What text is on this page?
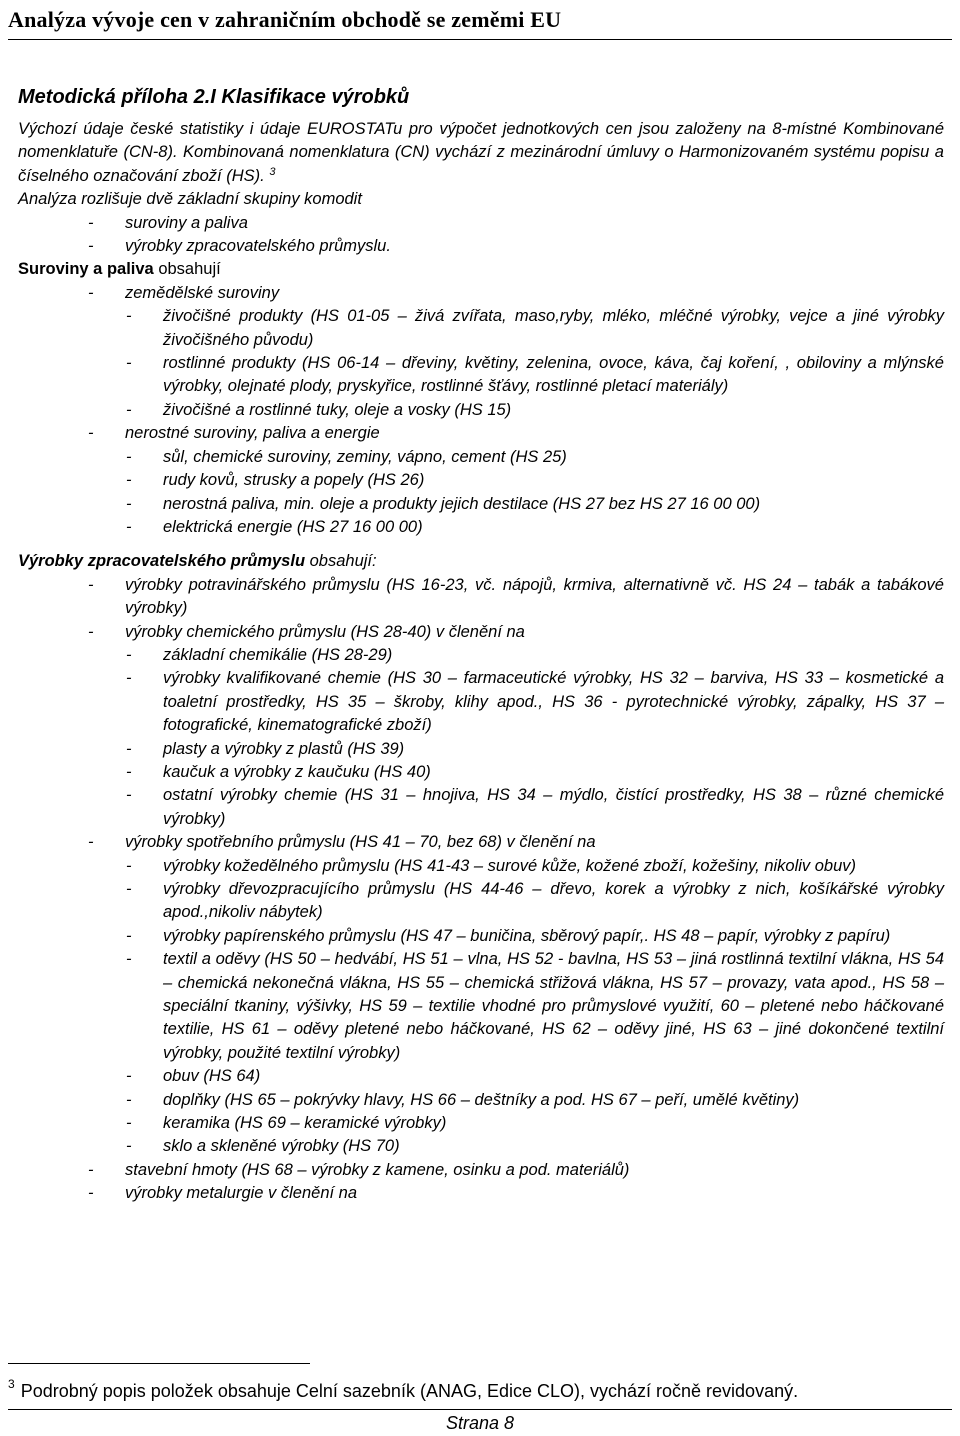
Analýza vývoje cen v zahraničním obchodě se zeměmi EU
Metodická příloha 2.I Klasifikace výrobků

Výchozí údaje české statistiky i údaje EUROSTATu pro výpočet jednotkových cen jsou založeny na 8-místné Kombinované nomenklatuře (CN-8). Kombinovaná nomenklatura (CN) vychází z mezinárodní úmluvy o Harmonizovaném systému popisu a číselného označování zboží (HS). $^3$
Analýza rozlišuje dvě základní skupiny komodit

- suroviny a paliva
- výrobky zpracovatelského průmyslu.

Suroviny a paliva obsahují

- zemědělské suroviny
- živočišné produkty (HS 01-05 – živá zvířata, maso,ryby, mléko, mléčné výrobky, vejce a jiné výrobky živočišného původu)
- rostlinné produkty (HS 06-14 – dřeviny, květiny, zelenina, ovoce, káva, čaj koření, , obiloviny a mlýnské výrobky, olejnaté plody, pryskyřice, rostlinné šťávy, rostlinné pletací materiály)
- živočišné a rostlinné tuky, oleje a vosky (HS 15)
- nerostné suroviny, paliva a energie
- sůl, chemické suroviny, zeminy, vápno, cement (HS 25)
- rudy kovů, strusky a popely (HS 26)
- nerostná paliva, min. oleje a produkty jejich destilace (HS 27 bez HS 27 16 00 00)
- elektrická energie (HS 27 16 00 00)

Výrobky zpracovatelského průmyslu obsahují:

- výrobky potravinářského průmyslu (HS 16-23, vč. nápojů, krmiva, alternativně vč. HS 24 – tabák a tabákové výrobky)
- výrobky chemického průmyslu (HS 28-40) v členění na
- základní chemikálie (HS 28-29)
- výrobky kvalifikované chemie (HS 30 – farmaceutické výrobky, HS 32 – barviva, HS 33 – kosmetické a toaletní prostředky, HS 35 – škroby, klihy apod., HS 36 - pyrotechnické výrobky, zápalky, HS 37 – fotografické, kinematografické zboží)
- plasty a výrobky z plastů (HS 39)
- kaučuk a výrobky z kaučuku (HS 40)
- ostatní výrobky chemie (HS 31 – hnojiva, HS 34 – mýdlo, čistící prostředky, HS 38 – různé chemické výrobky)
- výrobky spotřebního průmyslu (HS 41 – 70, bez 68) v členění na
- výrobky kožedělného průmyslu (HS 41-43 – surové kůže, kožené zboží, kožešiny, nikoliv obuv)
- výrobky dřevozpracujícího průmyslu (HS 44-46 – dřevo, korek a výrobky z nich, košíkářské výrobky apod.,nikoliv nábytek)
- výrobky papírenského průmyslu (HS 47 – buničina, sběrový papír,. HS 48 – papír, výrobky z papíru)
- textil a oděvy (HS 50 – hedvábí, HS 51 – vlna, HS 52 - bavlna, HS 53 – jiná rostlinná textilní vlákna, HS 54 – chemická nekonečná vlákna, HS 55 – chemická střižová vlákna, HS 57 – provazy, vata apod., HS 58 – speciální tkaniny, výšivky, HS 59 – textilie vhodné pro průmyslové využití, 60 – pletené nebo háčkované textilie, HS 61 – oděvy pletené nebo háčkované, HS 62 – oděvy jiné, HS 63 – jiné dokončené textilní výrobky, použité textilní výrobky)
- obuv (HS 64)
- doplňky (HS 65 – pokrývky hlavy, HS 66 – deštníky a pod. HS 67 – peří, umělé květiny)
- keramika (HS 69 – keramické výrobky)
- sklo a skleněné výrobky (HS 70)
- stavební hmoty (HS 68 – výrobky z kamene, osinku a pod. materiálů)
- výrobky metalurgie v členění na
$^3$ Podrobný popis položek obsahuje Celní sazebník (ANAG, Edice CLO), vychází ročně revidovaný.
Strana 8
